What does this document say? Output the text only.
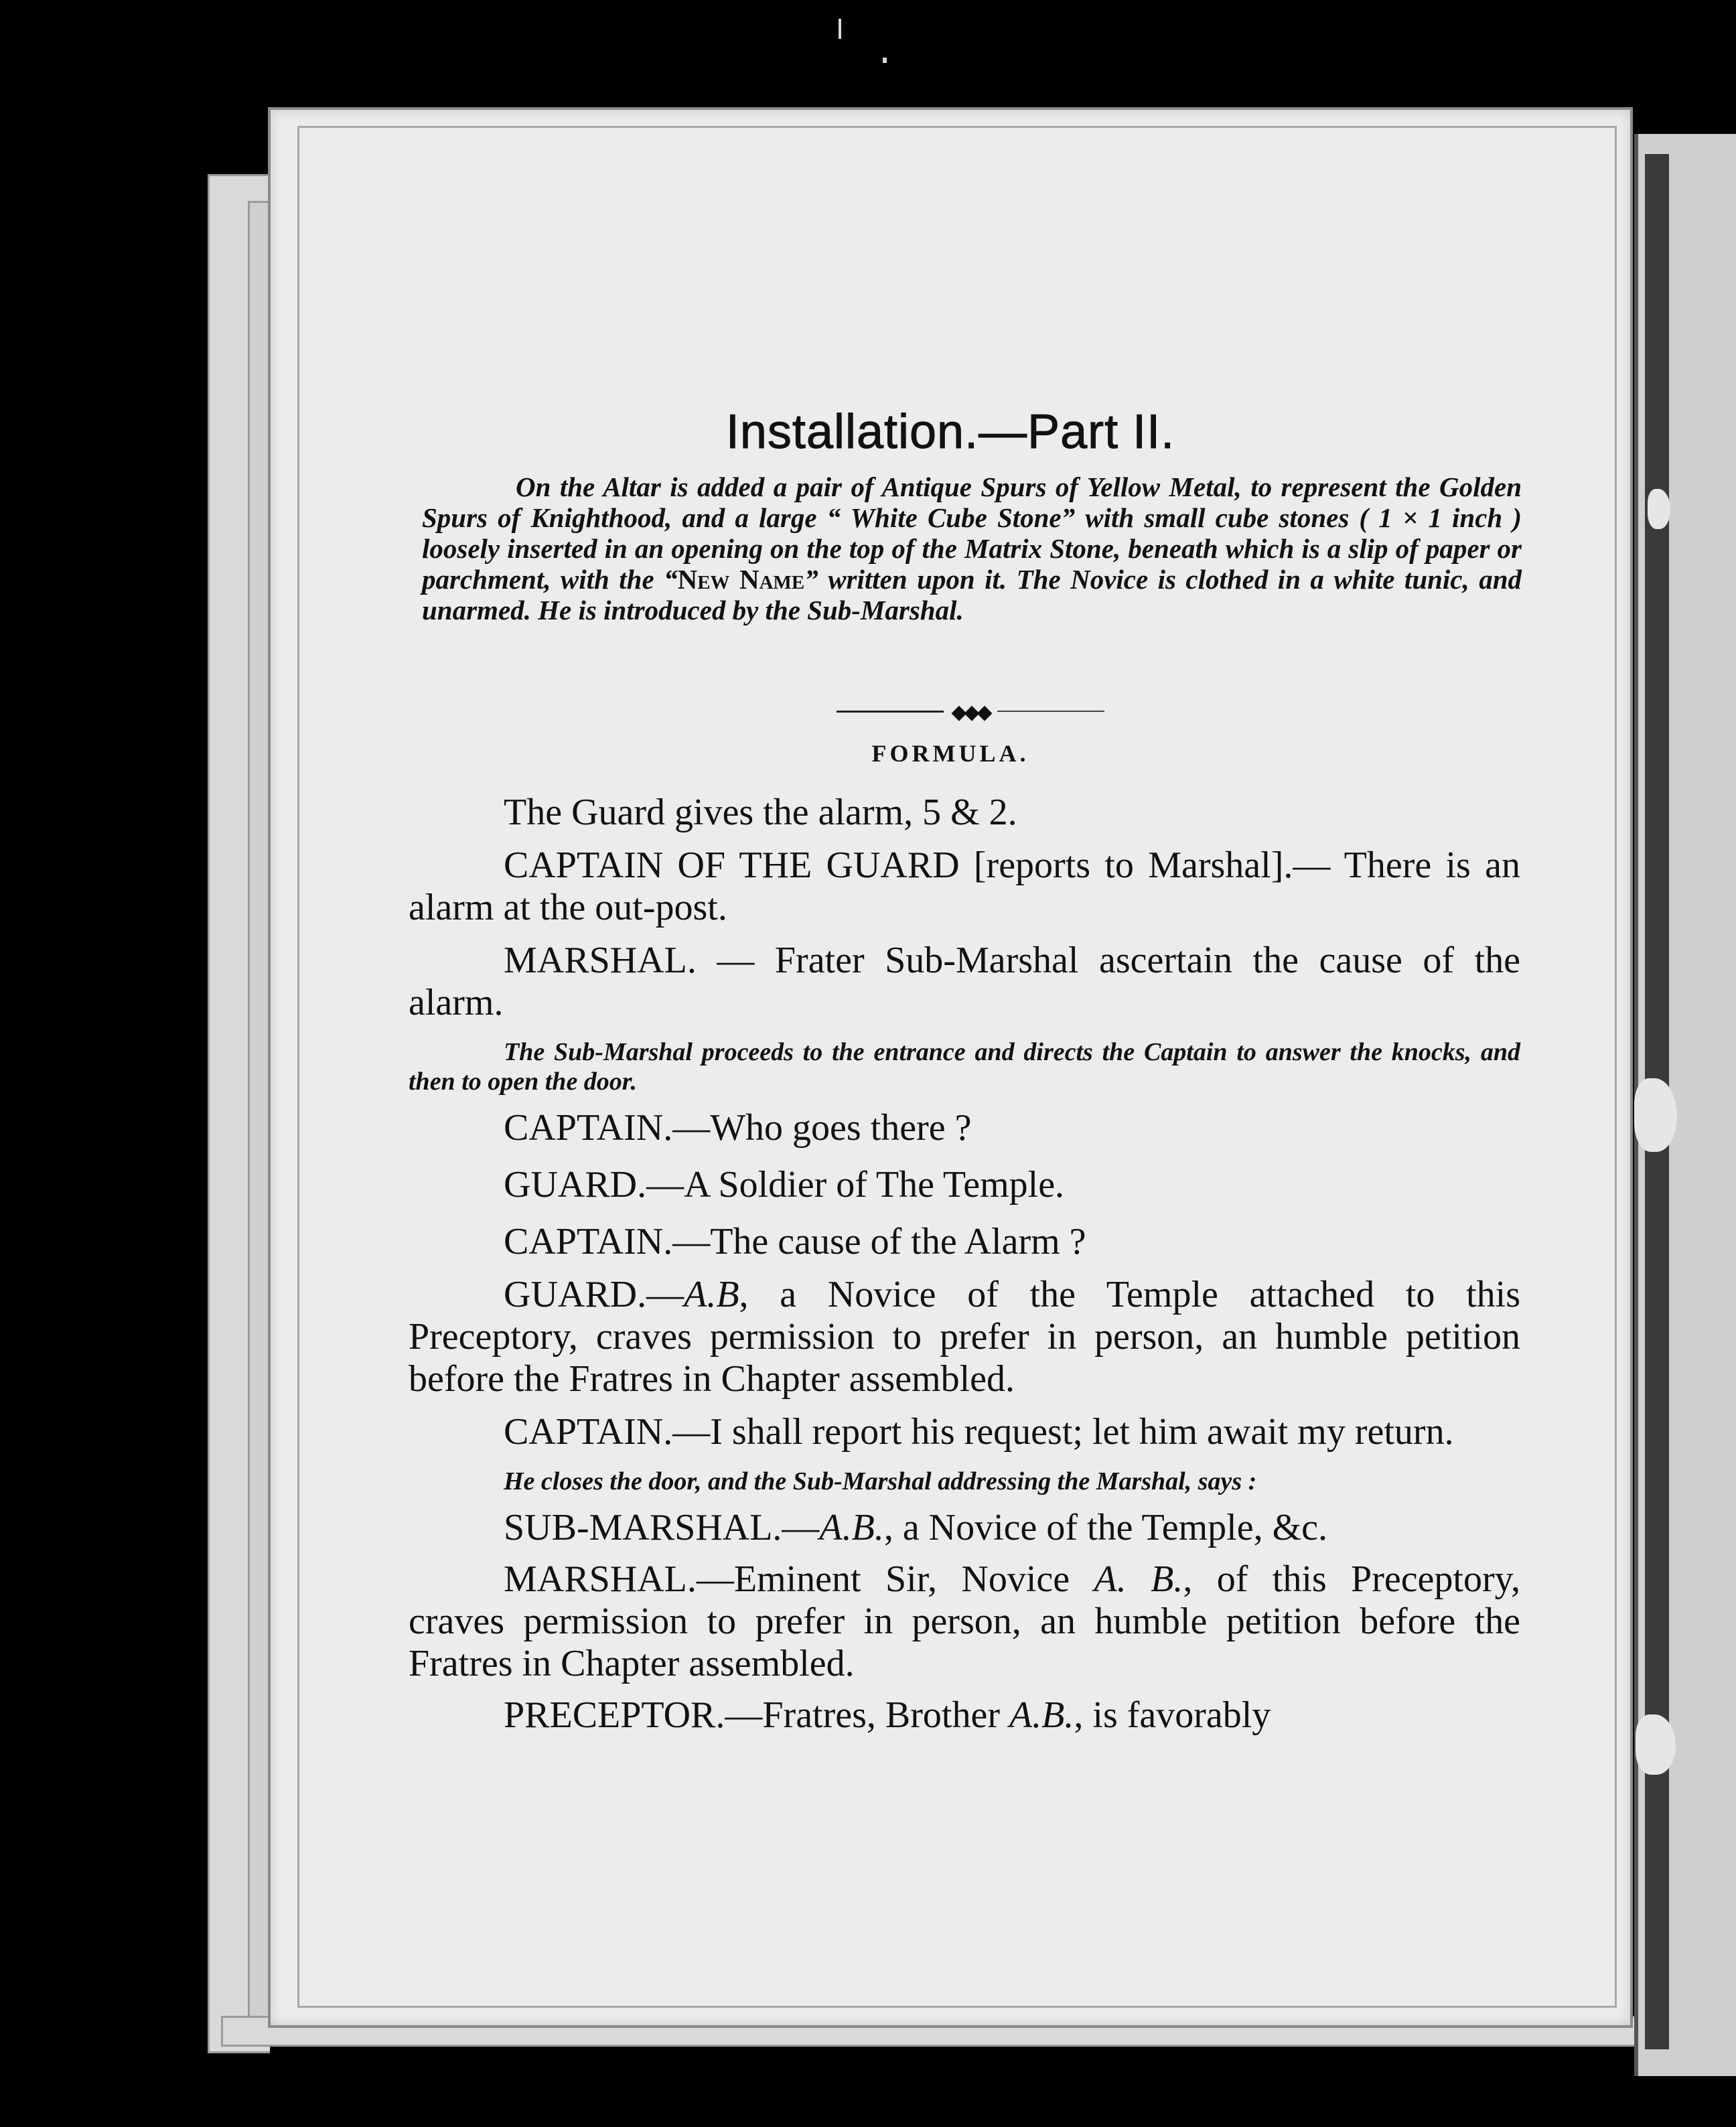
Installation.—Part II.
On the Altar is added a pair of Antique Spurs of Yellow Metal, to represent the Golden Spurs of Knighthood, and a large “ White Cube Stone” with small cube stones ( 1 × 1 inch ) loosely inserted in an opening on the top of the Matrix Stone, beneath which is a slip of paper or parchment, with the “New Name” written upon it. The Novice is clothed in a white tunic, and unarmed. He is introduced by the Sub-Marshal.
◆◆◆
FORMULA.

The Guard gives the alarm, 5 & 2.

CAPTAIN OF THE GUARD [reports to Marshal].— There is an alarm at the out-post.

MARSHAL. — Frater Sub-Marshal ascertain the cause of the alarm.

The Sub-Marshal proceeds to the entrance and directs the Captain to answer the knocks, and then to open the door.

CAPTAIN.—Who goes there ?

GUARD.—A Soldier of The Temple.

CAPTAIN.—The cause of the Alarm ?

GUARD.—A.B, a Novice of the Temple attached to this Preceptory, craves permission to prefer in person, an humble petition before the Fratres in Chapter assembled.

CAPTAIN.—I shall report his request; let him await my return.

He closes the door, and the Sub-Marshal addressing the Marshal, says :

SUB-MARSHAL.—A.B., a Novice of the Temple, &c.

MARSHAL.—Eminent Sir, Novice A. B., of this Preceptory, craves permission to prefer in person, an humble petition before the Fratres in Chapter assembled.

PRECEPTOR.—Fratres, Brother A.B., is favorably
